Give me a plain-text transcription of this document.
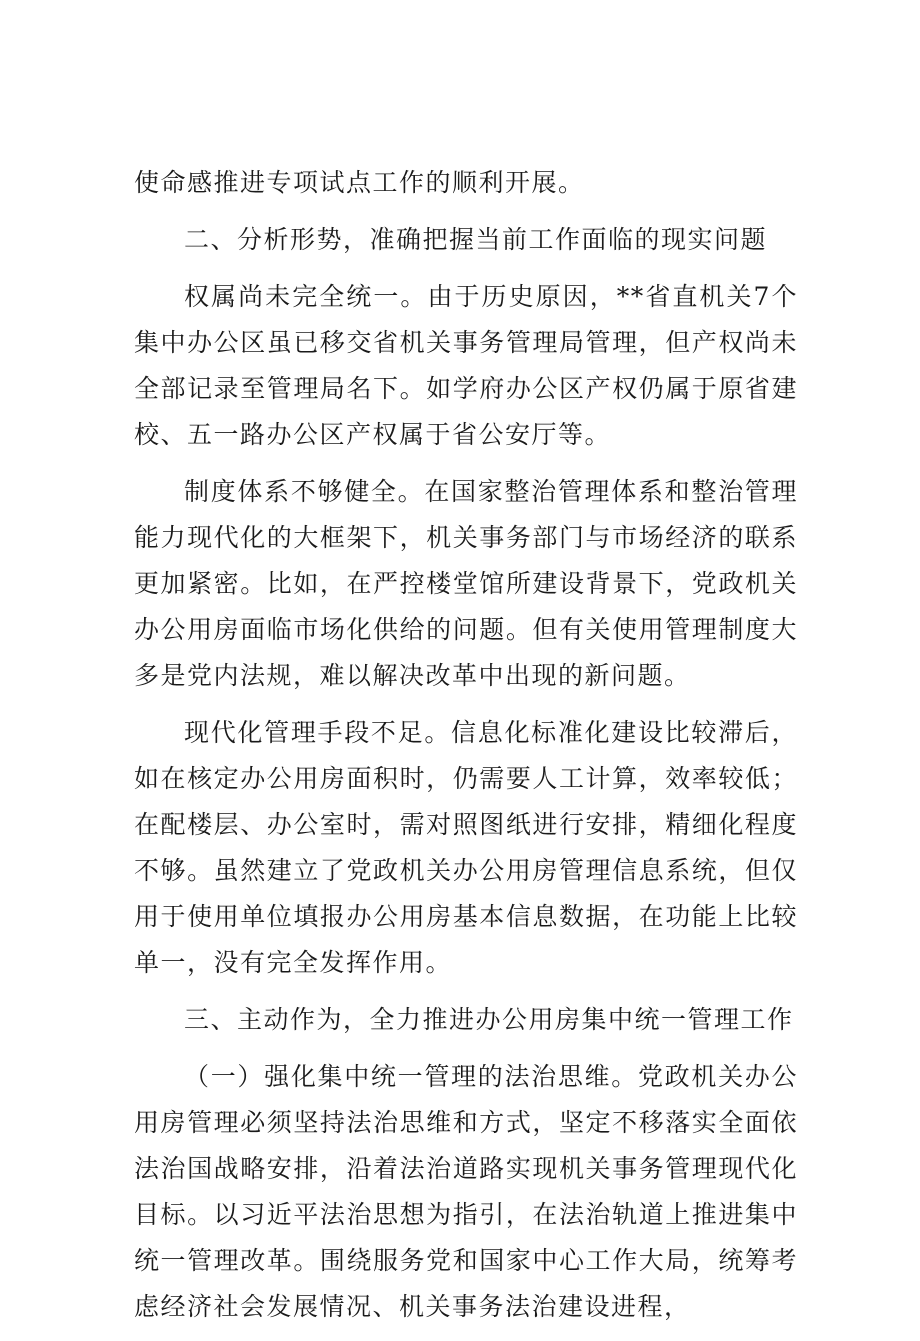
使命感推进专项试点工作的顺利开展。

二、分析形势，准确把握当前工作面临的现实问题

权属尚未完全统一。由于历史原因，**省直机关7个集中办公区虽已移交省机关事务管理局管理，但产权尚未全部记录至管理局名下。如学府办公区产权仍属于原省建校、五一路办公区产权属于省公安厅等。

制度体系不够健全。在国家整治管理体系和整治管理能力现代化的大框架下，机关事务部门与市场经济的联系更加紧密。比如，在严控楼堂馆所建设背景下，党政机关办公用房面临市场化供给的问题。但有关使用管理制度大多是党内法规，难以解决改革中出现的新问题。

现代化管理手段不足。信息化标准化建设比较滞后，如在核定办公用房面积时，仍需要人工计算，效率较低；在配楼层、办公室时，需对照图纸进行安排，精细化程度不够。虽然建立了党政机关办公用房管理信息系统，但仅用于使用单位填报办公用房基本信息数据，在功能上比较单一，没有完全发挥作用。

三、主动作为，全力推进办公用房集中统一管理工作

（一）强化集中统一管理的法治思维。党政机关办公用房管理必须坚持法治思维和方式，坚定不移落实全面依法治国战略安排，沿着法治道路实现机关事务管理现代化目标。以习近平法治思想为指引，在法治轨道上推进集中统一管理改革。围绕服务党和国家中心工作大局，统筹考虑经济社会发展情况、机关事务法治建设进程，
